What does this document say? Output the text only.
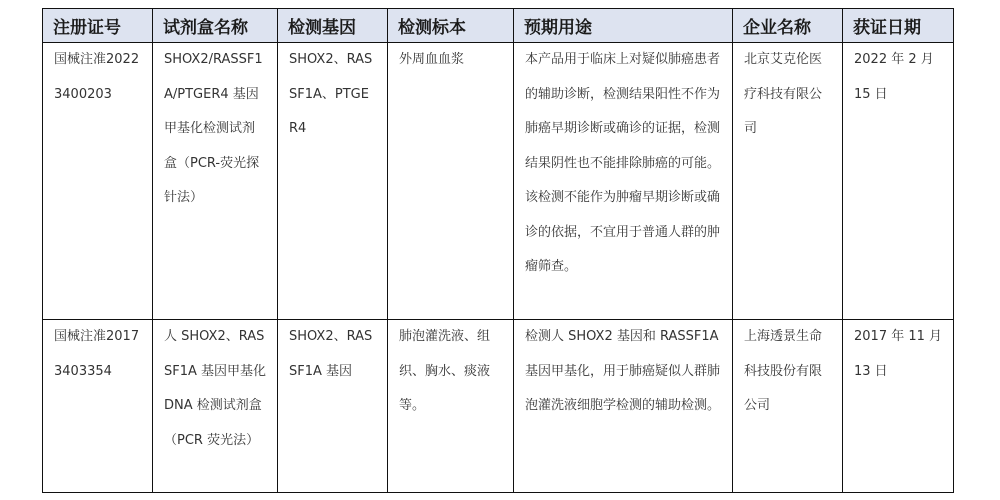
注册证号	试剂盒名称	检测基因	检测标本	预期用途	企业名称	获证日期
国械注准20223400203	SHOX2/RASSF1A/PTGER4 基因甲基化检测试剂盒（PCR-荧光探针法）	SHOX2、RASSF1A、PTGER4	外周血血浆	本产品用于临床上对疑似肺癌患者的辅助诊断，检测结果阳性不作为肺癌早期诊断或确诊的证据，检测结果阴性也不能排除肺癌的可能。该检测不能作为肿瘤早期诊断或确诊的依据，不宜用于普通人群的肿瘤筛查。	北京艾克伦医疗科技有限公司	2022 年 2 月 15 日
国械注准20173403354	人 SHOX2、RASSF1A 基因甲基化 DNA 检测试剂盒（PCR 荧光法）	SHOX2、RASSF1A 基因	肺泡灌洗液、组织、胸水、痰液等。	检测人 SHOX2 基因和 RASSF1A 基因甲基化，用于肺癌疑似人群肺泡灌洗液细胞学检测的辅助检测。	上海透景生命科技股份有限公司	2017 年 11 月 13 日
